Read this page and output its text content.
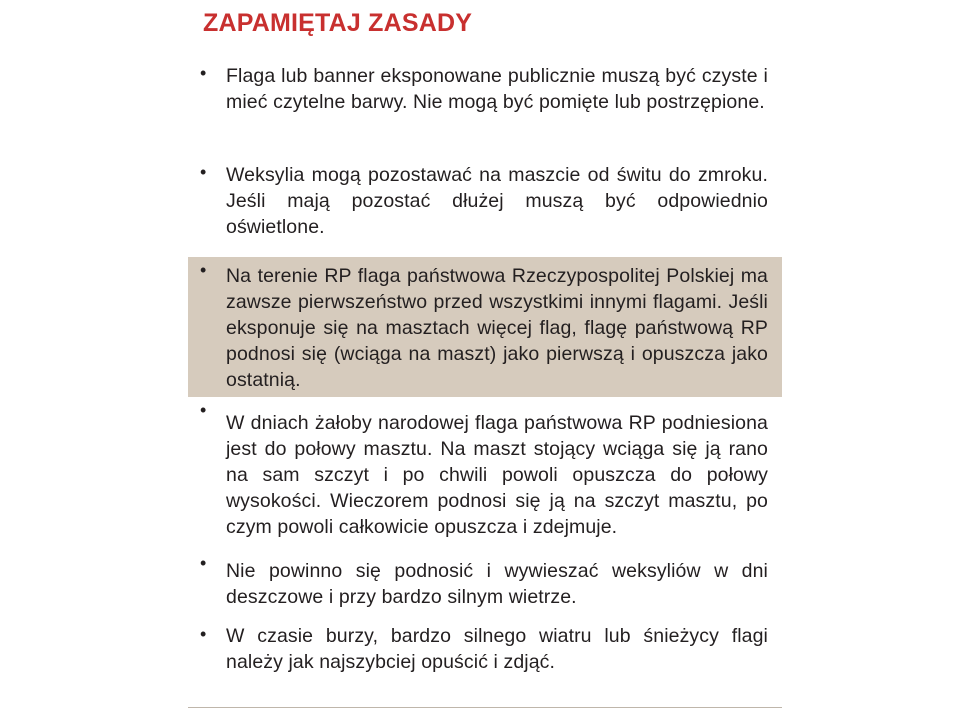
ZAPAMIĘTAJ ZASADY
• Flaga lub banner eksponowane publicznie muszą być czyste i mieć czytelne barwy. Nie mogą być pomięte lub postrzępione.
• Weksylia mogą pozostawać na maszcie od świtu do zmroku. Jeśli mają pozostać dłużej muszą być odpowiednio oświetlone.
• Na terenie RP flaga państwowa Rzeczypospolitej Polskiej ma zawsze pierwszeństwo przed wszystkimi innymi flagami. Jeśli eksponuje się na masztach więcej flag, flagę państwową RP podnosi się (wciąga na maszt) jako pierwszą i opuszcza jako ostatnią.
•
W dniach żałoby narodowej flaga państwowa RP podniesiona jest do połowy masztu. Na maszt stojący wciąga się ją rano na sam szczyt i po chwili powoli opuszcza do połowy wysokości. Wieczorem podnosi się ją na szczyt masztu, po czym powoli całkowicie opuszcza i zdejmuje.
• Nie powinno się podnosić i wywieszać weksyliów w dni deszczowe i przy bardzo silnym wietrze.
• W czasie burzy, bardzo silnego wiatru lub śnieżycy flagi należy jak najszybciej opuścić i zdjąć.
